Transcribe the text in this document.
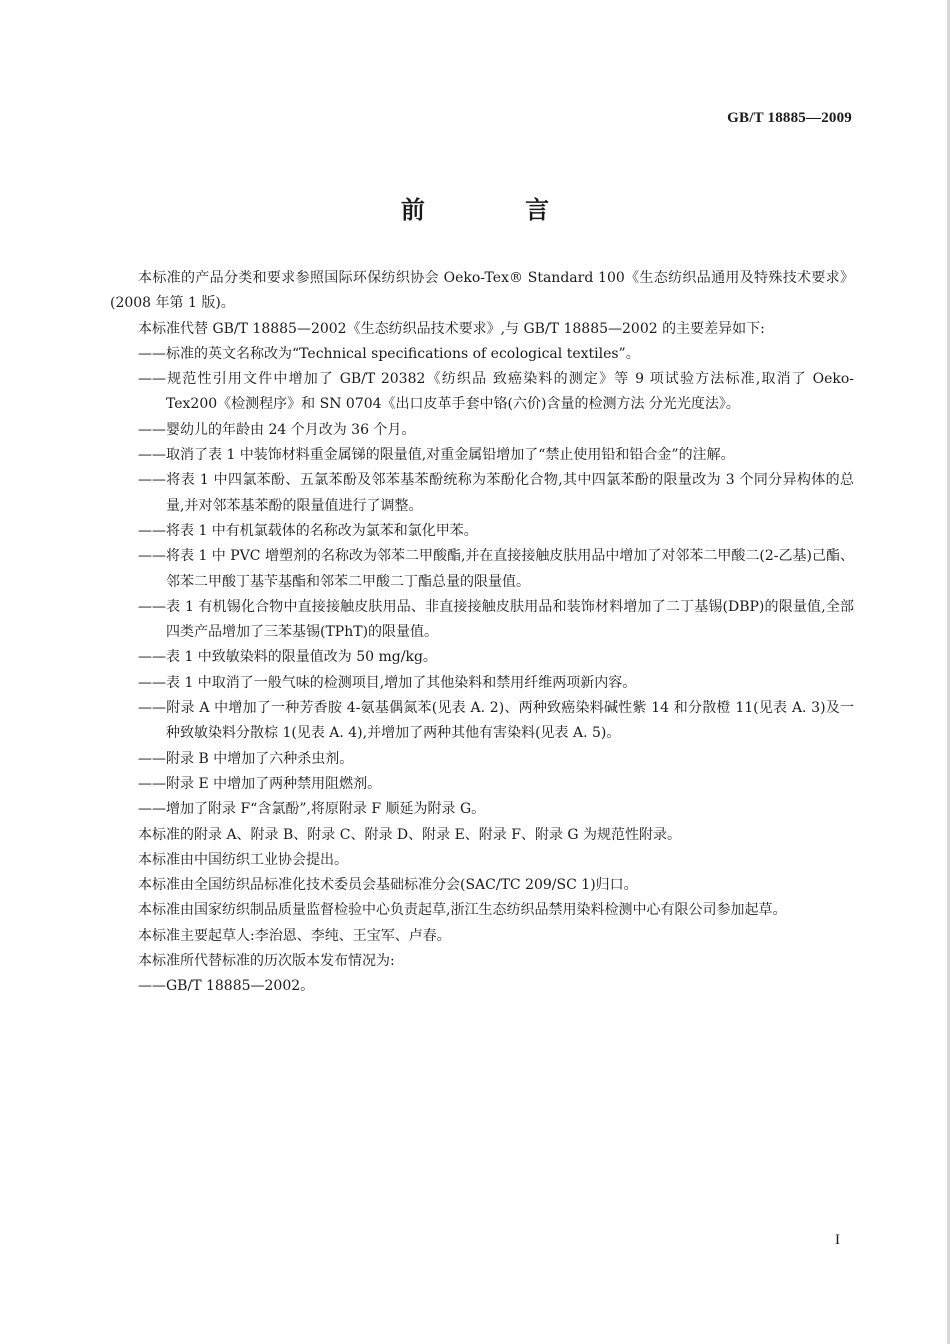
GB/T 18885—2009
前 言

本标准的产品分类和要求参照国际环保纺织协会 Oeko-Tex® Standard 100《生态纺织品通用及特殊技术要求》(2008 年第 1 版)。

本标准代替 GB/T 18885—2002《生态纺织品技术要求》,与 GB/T 18885—2002 的主要差异如下:

——标准的英文名称改为“Technical specifications of ecological textiles”。

——规范性引用文件中增加了 GB/T 20382《纺织品 致癌染料的测定》等 9 项试验方法标准,取消了 Oeko-Tex200《检测程序》和 SN 0704《出口皮革手套中铬(六价)含量的检测方法 分光光度法》。

——婴幼儿的年龄由 24 个月改为 36 个月。

——取消了表 1 中装饰材料重金属锑的限量值,对重金属铅增加了“禁止使用铅和铅合金”的注解。

——将表 1 中四氯苯酚、五氯苯酚及邻苯基苯酚统称为苯酚化合物,其中四氯苯酚的限量改为 3 个同分异构体的总量,并对邻苯基苯酚的限量值进行了调整。

——将表 1 中有机氯载体的名称改为氯苯和氯化甲苯。

——将表 1 中 PVC 增塑剂的名称改为邻苯二甲酸酯,并在直接接触皮肤用品中增加了对邻苯二甲酸二(2-乙基)己酯、邻苯二甲酸丁基苄基酯和邻苯二甲酸二丁酯总量的限量值。

——表 1 有机锡化合物中直接接触皮肤用品、非直接接触皮肤用品和装饰材料增加了二丁基锡(DBP)的限量值,全部四类产品增加了三苯基锡(TPhT)的限量值。

——表 1 中致敏染料的限量值改为 50 mg/kg。

——表 1 中取消了一般气味的检测项目,增加了其他染料和禁用纤维两项新内容。

——附录 A 中增加了一种芳香胺 4-氨基偶氮苯(见表 A. 2)、两种致癌染料碱性紫 14 和分散橙 11(见表 A. 3)及一种致敏染料分散棕 1(见表 A. 4),并增加了两种其他有害染料(见表 A. 5)。

——附录 B 中增加了六种杀虫剂。

——附录 E 中增加了两种禁用阻燃剂。

——增加了附录 F“含氯酚”,将原附录 F 顺延为附录 G。

本标准的附录 A、附录 B、附录 C、附录 D、附录 E、附录 F、附录 G 为规范性附录。

本标准由中国纺织工业协会提出。

本标准由全国纺织品标准化技术委员会基础标准分会(SAC/TC 209/SC 1)归口。

本标准由国家纺织制品质量监督检验中心负责起草,浙江生态纺织品禁用染料检测中心有限公司参加起草。

本标准主要起草人:李治恩、李纯、王宝军、卢春。

本标准所代替标准的历次版本发布情况为:

——GB/T 18885—2002。

I
